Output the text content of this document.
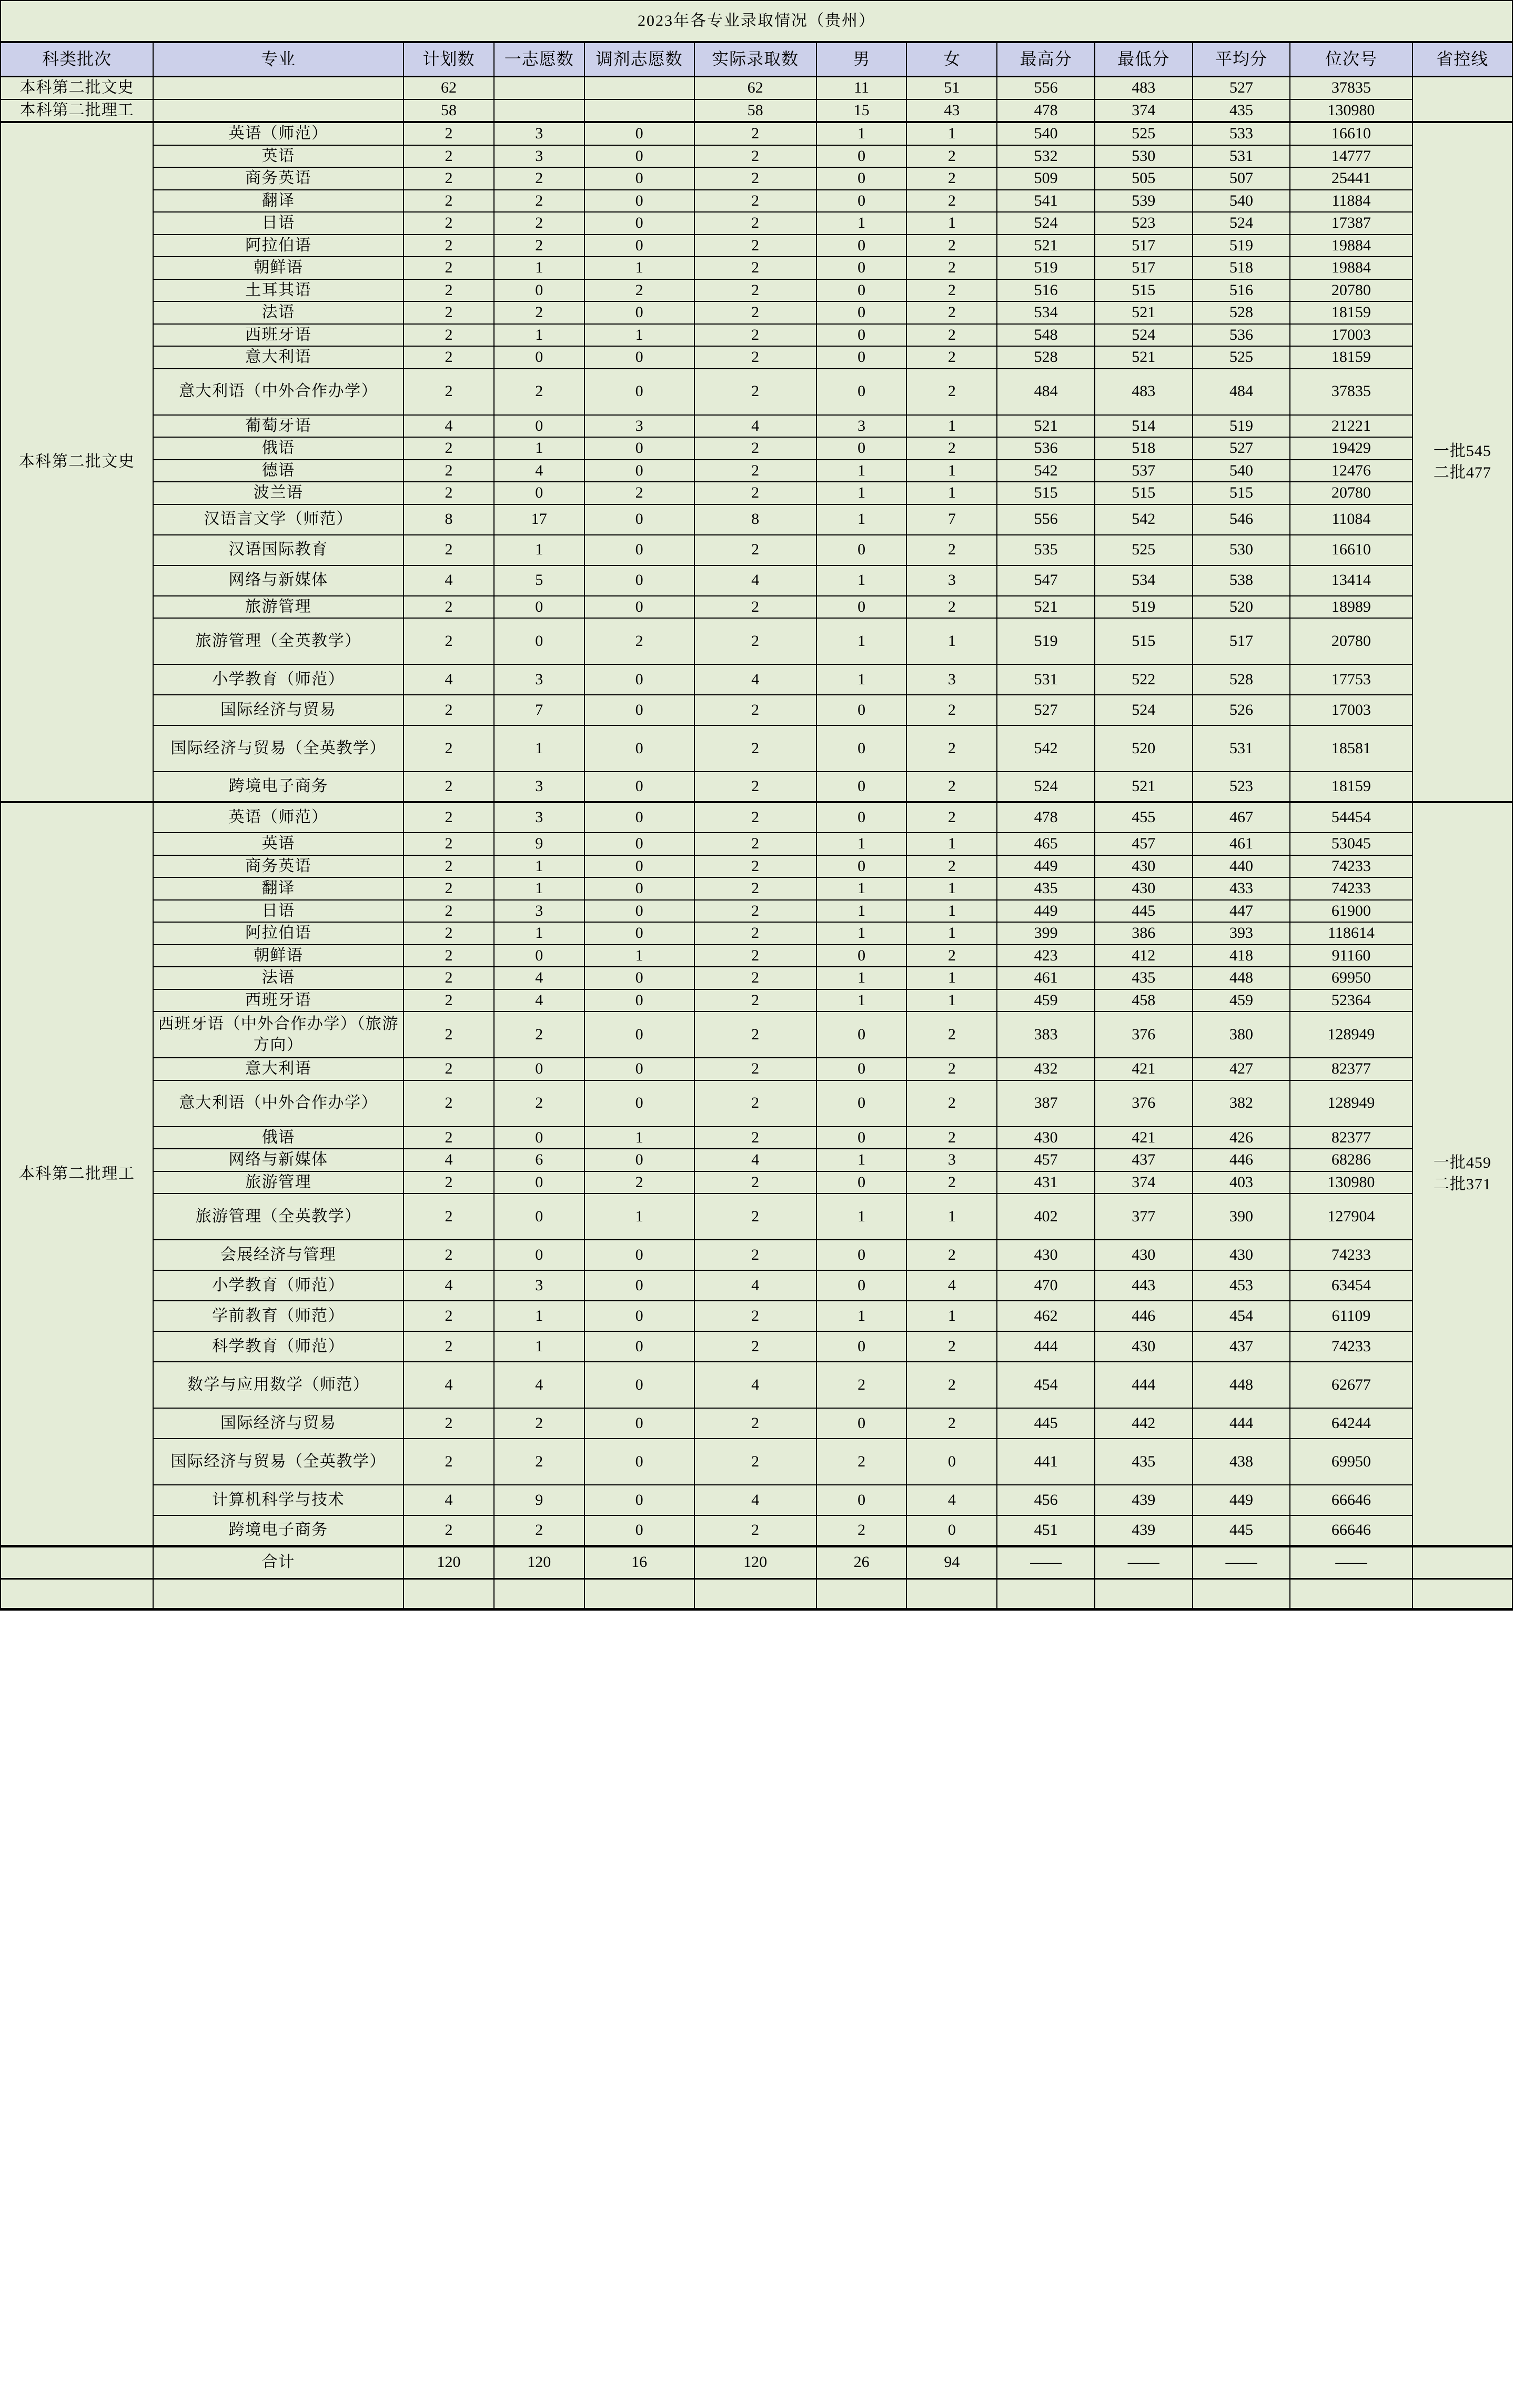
2023年各专业录取情况（贵州）												
科类批次	专业	计划数	一志愿数	调剂志愿数	实际录取数	男	女	最高分	最低分	平均分	位次号	省控线
本科第二批文史		62			62	11	51	556	483	527	37835	
本科第二批理工		58			58	15	43	478	374	435	130980	
本科第二批文史	英语（师范）	2	3	0	2	1	1	540	525	533	16610	一批545
二批477

	英语	2	3	0	2	0	2	532	530	531	14777	
	商务英语	2	2	0	2	0	2	509	505	507	25441	
	翻译	2	2	0	2	0	2	541	539	540	11884	
	日语	2	2	0	2	1	1	524	523	524	17387	
	阿拉伯语	2	2	0	2	0	2	521	517	519	19884	
	朝鲜语	2	1	1	2	0	2	519	517	518	19884	
	土耳其语	2	0	2	2	0	2	516	515	516	20780	
	法语	2	2	0	2	0	2	534	521	528	18159	
	西班牙语	2	1	1	2	0	2	548	524	536	17003	
	意大利语	2	0	0	2	0	2	528	521	525	18159	
	意大利语（中外合作办学）	2	2	0	2	0	2	484	483	484	37835	
	葡萄牙语	4	0	3	4	3	1	521	514	519	21221	
	俄语	2	1	0	2	0	2	536	518	527	19429	
	德语	2	4	0	2	1	1	542	537	540	12476	
	波兰语	2	0	2	2	1	1	515	515	515	20780	
	汉语言文学（师范）	8	17	0	8	1	7	556	542	546	11084	
	汉语国际教育	2	1	0	2	0	2	535	525	530	16610	
	网络与新媒体	4	5	0	4	1	3	547	534	538	13414	
	旅游管理	2	0	0	2	0	2	521	519	520	18989	
	旅游管理（全英教学）	2	0	2	2	1	1	519	515	517	20780	
	小学教育（师范）	4	3	0	4	1	3	531	522	528	17753	
	国际经济与贸易	2	7	0	2	0	2	527	524	526	17003	
	国际经济与贸易（全英教学）	2	1	0	2	0	2	542	520	531	18581	
	跨境电子商务	2	3	0	2	0	2	524	521	523	18159	
本科第二批理工	英语（师范）	2	3	0	2	0	2	478	455	467	54454	一批459
二批371

	英语	2	9	0	2	1	1	465	457	461	53045	
	商务英语	2	1	0	2	0	2	449	430	440	74233	
	翻译	2	1	0	2	1	1	435	430	433	74233	
	日语	2	3	0	2	1	1	449	445	447	61900	
	阿拉伯语	2	1	0	2	1	1	399	386	393	118614	
	朝鲜语	2	0	1	2	0	2	423	412	418	91160	
	法语	2	4	0	2	1	1	461	435	448	69950	
	西班牙语	2	4	0	2	1	1	459	458	459	52364	
	西班牙语（中外合作办学）（旅游方向）	2	2	0	2	0	2	383	376	380	128949	
	意大利语	2	0	0	2	0	2	432	421	427	82377	
	意大利语（中外合作办学）	2	2	0	2	0	2	387	376	382	128949	
	俄语	2	0	1	2	0	2	430	421	426	82377	
	网络与新媒体	4	6	0	4	1	3	457	437	446	68286	
	旅游管理	2	0	2	2	0	2	431	374	403	130980	
	旅游管理（全英教学）	2	0	1	2	1	1	402	377	390	127904	
	会展经济与管理	2	0	0	2	0	2	430	430	430	74233	
	小学教育（师范）	4	3	0	4	0	4	470	443	453	63454	
	学前教育（师范）	2	1	0	2	1	1	462	446	454	61109	
	科学教育（师范）	2	1	0	2	0	2	444	430	437	74233	
	数学与应用数学（师范）	4	4	0	4	2	2	454	444	448	62677	
	国际经济与贸易	2	2	0	2	0	2	445	442	444	64244	
	国际经济与贸易（全英教学）	2	2	0	2	2	0	441	435	438	69950	
	计算机科学与技术	4	9	0	4	0	4	456	439	449	66646	
	跨境电子商务	2	2	0	2	2	0	451	439	445	66646	
	合计	120	120	16	120	26	94	——	——	——	——	
